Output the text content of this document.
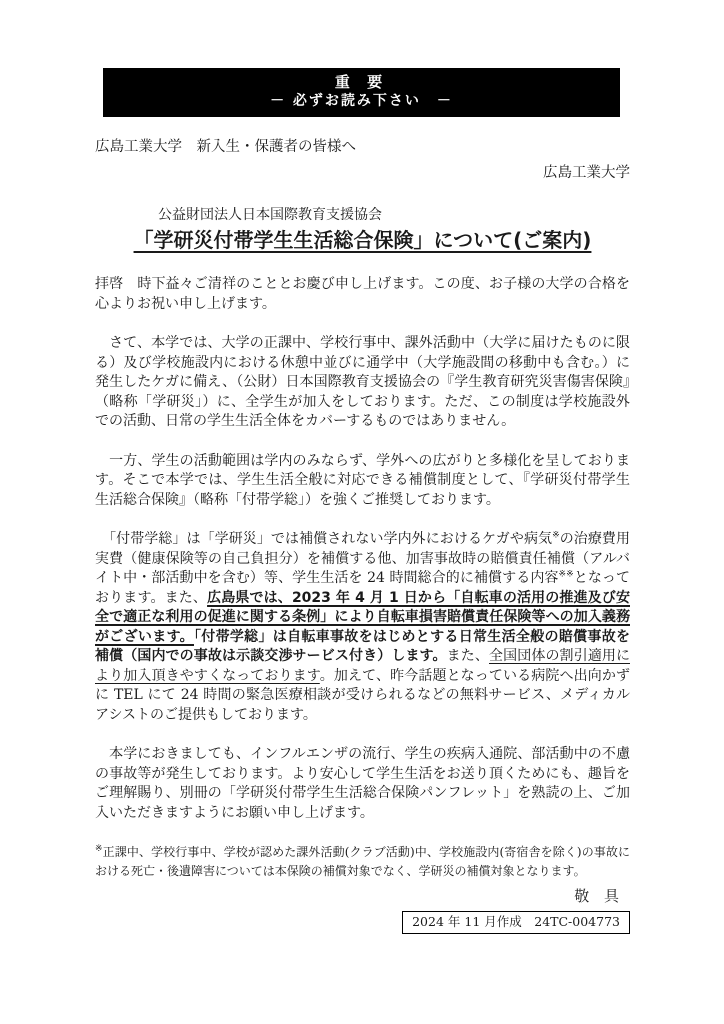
重 要
－ 必ずお読み下さい　－
広島工業大学　新入生・保護者の皆様へ
広島工業大学
公益財団法人日本国際教育支援協会
「学研災付帯学生生活総合保険」について(ご案内)

拝啓　時下益々ご清祥のこととお慶び申し上げます。この度、お子様の大学の合格を心よりお祝い申し上げます。

　さて、本学では、大学の正課中、学校行事中、課外活動中（大学に届けたものに限る）及び学校施設内における休憩中並びに通学中（大学施設間の移動中も含む。）に発生したケガに備え、（公財）日本国際教育支援協会の『学生教育研究災害傷害保険』（略称「学研災」）に、全学生が加入をしております。ただ、この制度は学校施設外での活動、日常の学生生活全体をカバーするものではありません。

　一方、学生の活動範囲は学内のみならず、学外への広がりと多様化を呈しております。そこで本学では、学生生活全般に対応できる補償制度として、『学研災付帯学生生活総合保険』（略称「付帯学総」）を強くご推奨しております。

　「付帯学総」は「学研災」では補償されない学内外におけるケガや病気※の治療費用実費（健康保険等の自己負担分）を補償する他、加害事故時の賠償責任補償（アルバイト中・部活動中を含む）等、学生生活を 24 時間総合的に補償する内容※※となっております。また、広島県では、2023 年 4 月 1 日から「自転車の活用の推進及び安全で適正な利用の促進に関する条例」により自転車損害賠償責任保険等への加入義務がございます。「付帯学総」は自転車事故をはじめとする日常生活全般の賠償事故を補償（国内での事故は示談交渉サービス付き）します。また、全国団体の割引適用により加入頂きやすくなっております。加えて、昨今話題となっている病院へ出向かずに TEL にて 24 時間の緊急医療相談が受けられるなどの無料サービス、メディカルアシストのご提供もしております。

　本学におきましても、インフルエンザの流行、学生の疾病入通院、部活動中の不慮の事故等が発生しております。より安心して学生生活をお送り頂くためにも、趣旨をご理解賜り、別冊の「学研災付帯学生生活総合保険パンフレット」を熟読の上、ご加入いただきますようにお願い申し上げます。

※正課中、学校行事中、学校が認めた課外活動(クラブ活動)中、学校施設内(寄宿舎を除く)の事故における死亡・後遺障害については本保険の補償対象でなく、学研災の補償対象となります。
敬 具
2024 年 11 月作成　24TC-004773
